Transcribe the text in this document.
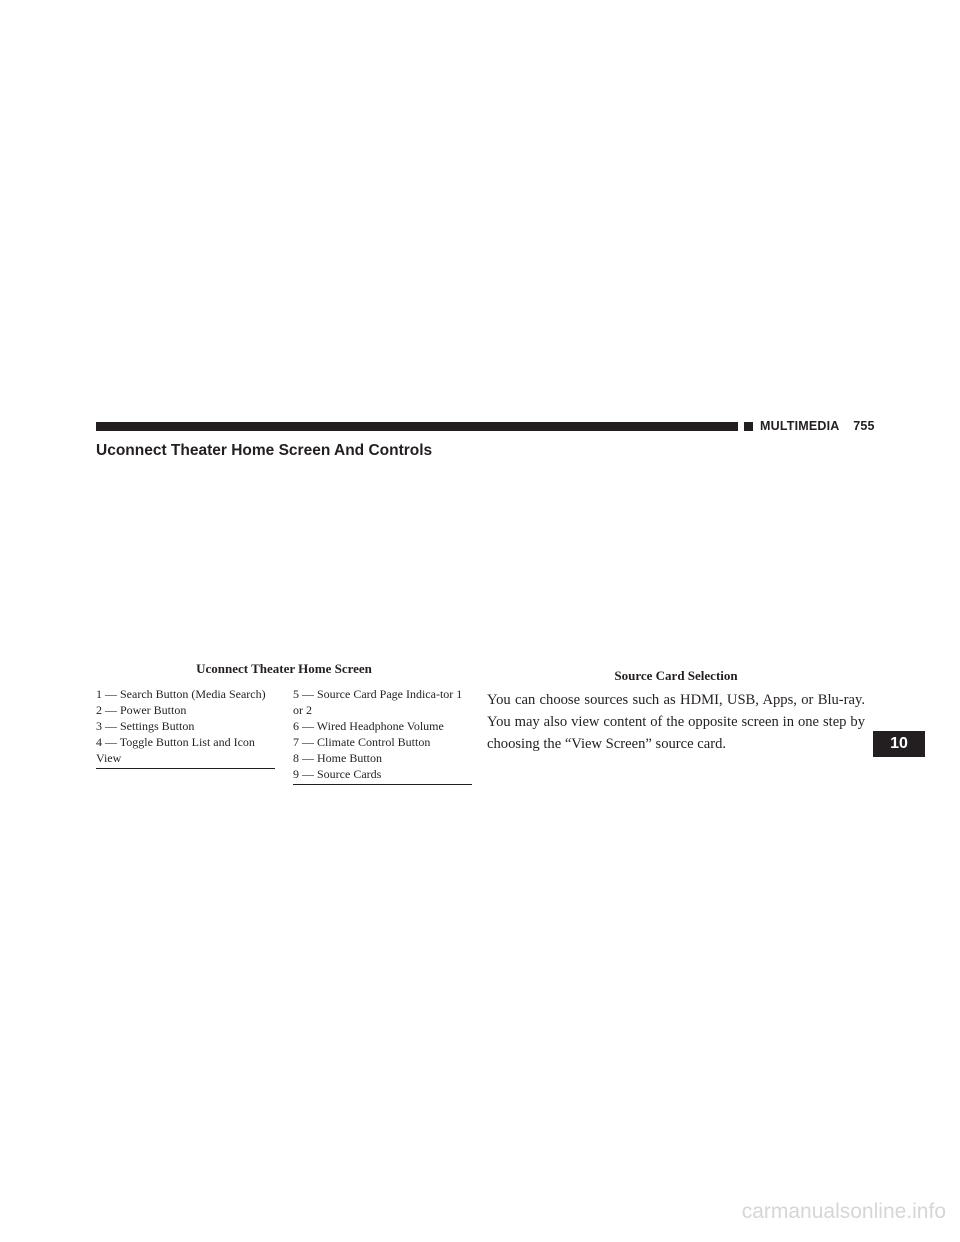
MULTIMEDIA 755
Uconnect Theater Home Screen And Controls
Uconnect Theater Home Screen	Source Card Selection

1 — Search Button (Media Search)

2 — Power Button

3 — Settings Button

4 — Toggle Button List and Icon View

5 — Source Card Page Indica-tor 1 or 2

6 — Wired Headphone Volume

7 — Climate Control Button

8 — Home Button

9 — Source Cards

You can choose sources such as HDMI, USB, Apps, or Blu-ray. You may also view content of the opposite screen in one step by choosing the “View Screen” source card.	10
carmanualsonline.info
